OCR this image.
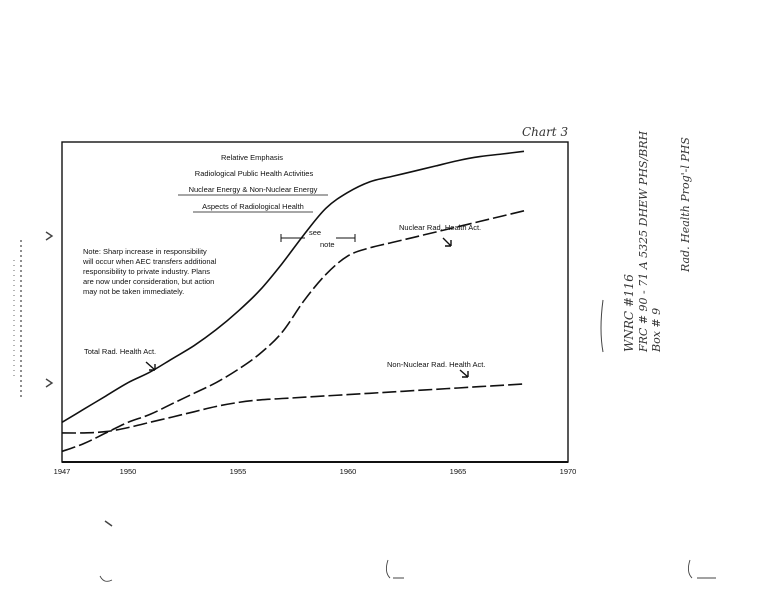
Relative Emphasis
Radiological Public Health Activities
Nuclear Energy & Non-Nuclear Energy
Aspects of Radiological Health
Note: Sharp increase in responsibility
will occur when AEC transfers additional
responsibility to private industry. Plans
are now under consideration, but action
may not be taken immediately.
see
note
Total Rad. Health Act.
Nuclear Rad. Health Act.
Non-Nuclear Rad. Health Act.
1947	1950	1955	1960	1965	1970
Chart 3
WNRC #116 FRC # 90 - 71 A 5325 DHEW PHS/BRH Box # 9
Rad. Health Prog'-l PHS
